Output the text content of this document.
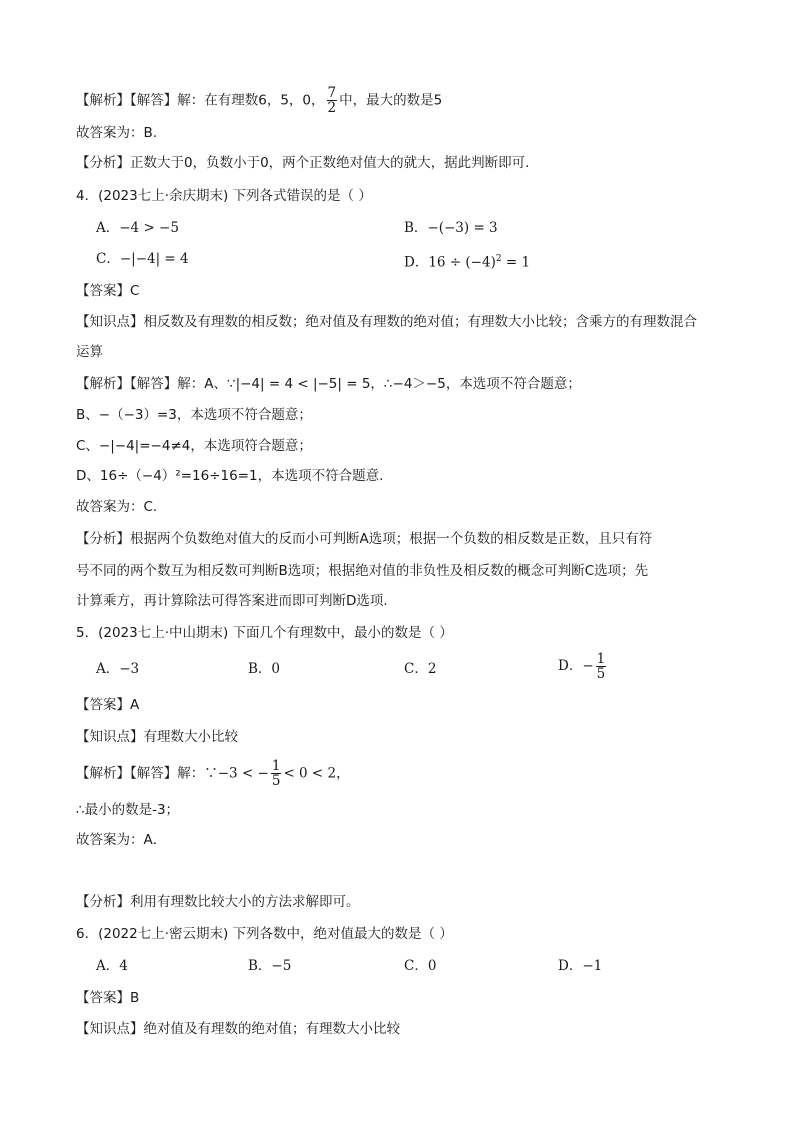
【解析】【解答】解：在有理数6，5，0， $\frac{7}{2}$ 中，最大的数是5
故答案为：B.
【分析】正数大于0，负数小于0，两个正数绝对值大的就大，据此判断即可.
4．(2023七上·余庆期末) 下列各式错误的是（ ）
A．−4 > −5	B．−(−3) = 3
C．−|−4| = 4	D．$16 \div (-4)^2 = 1$
【答案】C
【知识点】相反数及有理数的相反数；绝对值及有理数的绝对值；有理数大小比较；含乘方的有理数混合
运算
【解析】【解答】解：A、∵|−4| = 4 < |−5| = 5，∴−4＞−5，本选项不符合题意；
B、−（−3）=3，本选项不符合题意；
C、−|−4|=−4≠4，本选项符合题意；
D、16÷（−4）²=16÷16=1，本选项不符合题意.
故答案为：C.
【分析】根据两个负数绝对值大的反而小可判断A选项；根据一个负数的相反数是正数，且只有符
号不同的两个数互为相反数可判断B选项；根据绝对值的非负性及相反数的概念可判断C选项；先
计算乘方，再计算除法可得答案进而即可判断D选项.
5．(2023七上·中山期末) 下面几个有理数中，最小的数是（ ）
A．−3	B．0	C．2	D．− $\frac{1}{5}$
【答案】A
【知识点】有理数大小比较
【解析】【解答】解：∵−3 < − $\frac{1}{5} < 0 < 2$，
∴最小的数是-3；
故答案为：A．
【分析】利用有理数比较大小的方法求解即可。
6．(2022七上·密云期末) 下列各数中，绝对值最大的数是（ ）
A．4	B．−5	C．0	D．−1
【答案】B
【知识点】绝对值及有理数的绝对值；有理数大小比较
